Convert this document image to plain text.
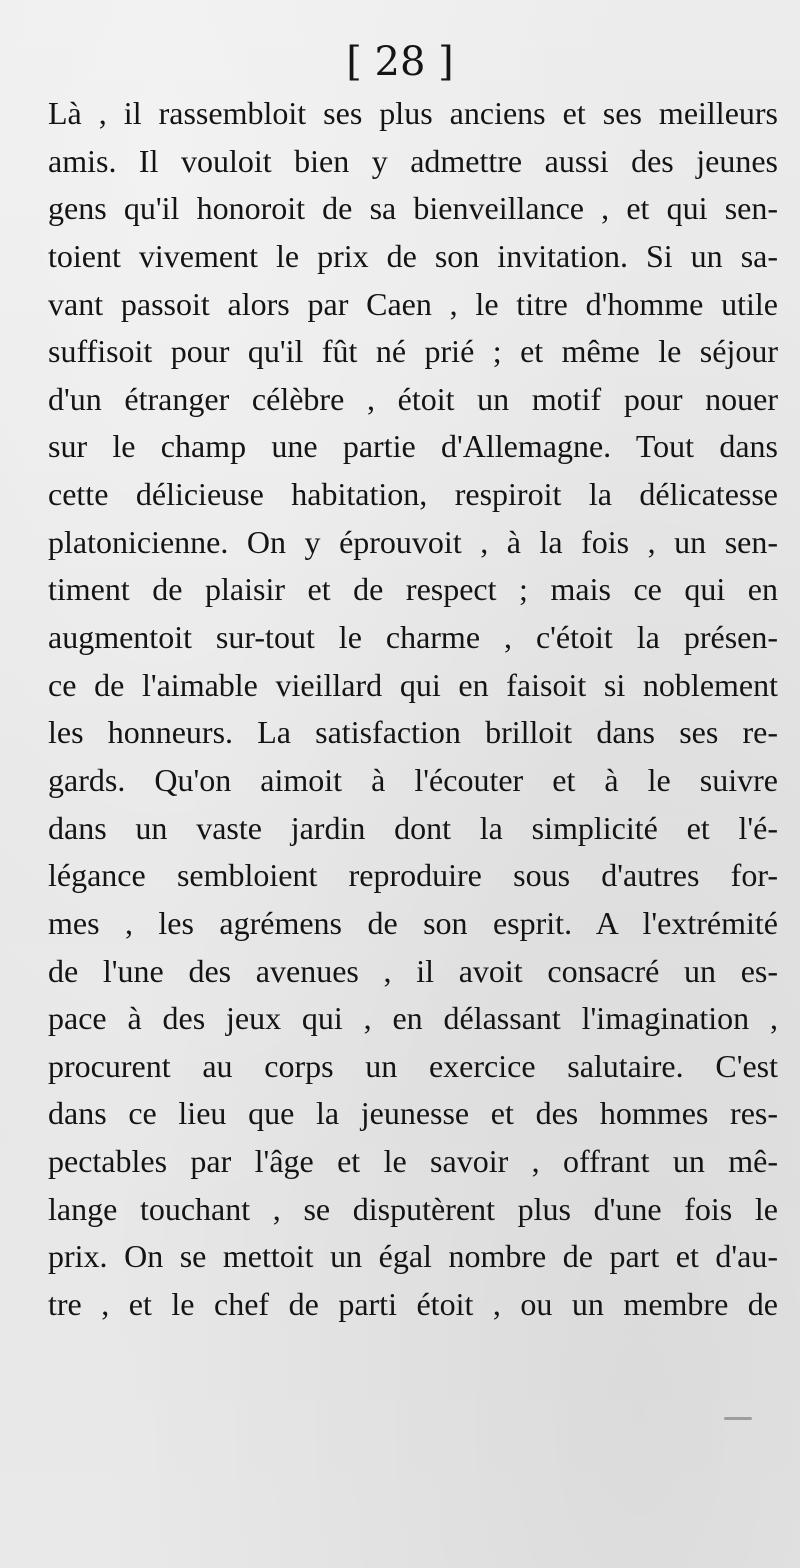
[ 28 ]
Là , il rassembloit ses plus anciens et ses meilleurs
amis. Il vouloit bien y admettre aussi des jeunes
gens qu'il honoroit de sa bienveillance , et qui sen-
toient vivement le prix de son invitation. Si un sa-
vant passoit alors par Caen , le titre d'homme utile
suffisoit pour qu'il fût né prié ; et même le séjour
d'un étranger célèbre , étoit un motif pour nouer
sur le champ une partie d'Allemagne. Tout dans
cette délicieuse habitation, respiroit la délicatesse
platonicienne. On y éprouvoit , à la fois , un sen-
timent de plaisir et de respect ; mais ce qui en
augmentoit sur-tout le charme , c'étoit la présen-
ce de l'aimable vieillard qui en faisoit si noblement
les honneurs. La satisfaction brilloit dans ses re-
gards. Qu'on aimoit à l'écouter et à le suivre
dans un vaste jardin dont la simplicité et l'é-
légance sembloient reproduire sous d'autres for-
mes , les agrémens de son esprit. A l'extrémité
de l'une des avenues , il avoit consacré un es-
pace à des jeux qui , en délassant l'imagination ,
procurent au corps un exercice salutaire. C'est
dans ce lieu que la jeunesse et des hommes res-
pectables par l'âge et le savoir , offrant un mê-
lange touchant , se disputèrent plus d'une fois le
prix. On se mettoit un égal nombre de part et d'au-
tre , et le chef de parti étoit , ou un membre de
